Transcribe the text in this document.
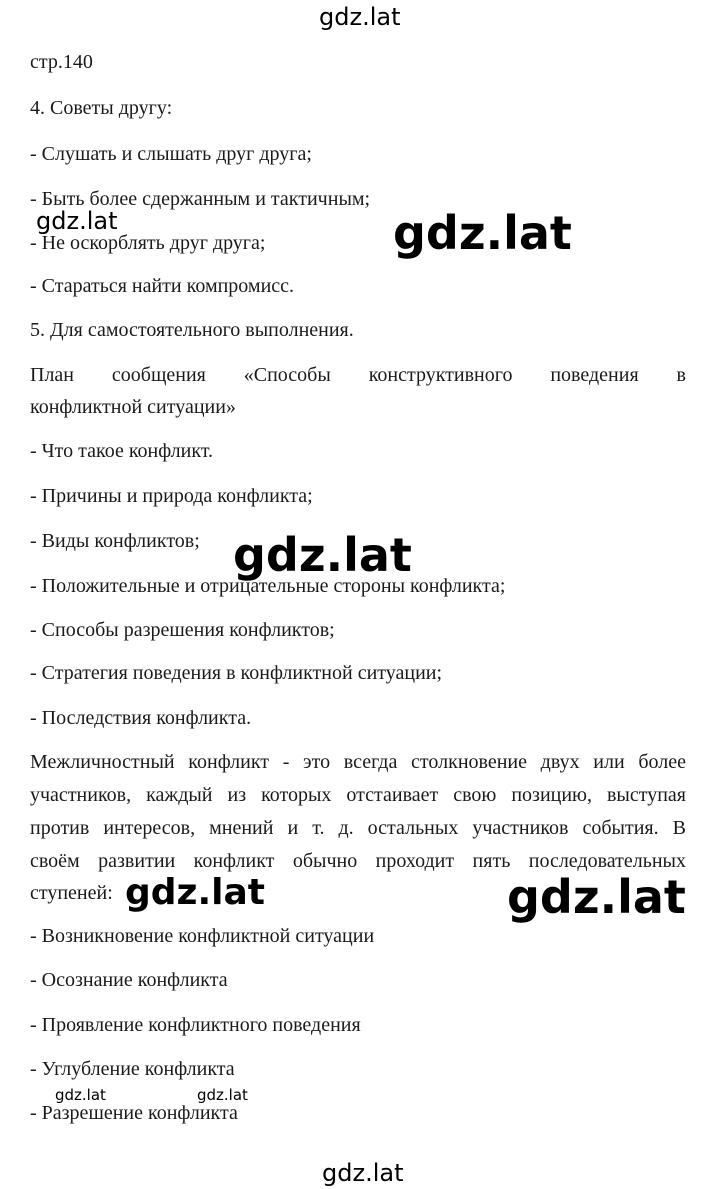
стр.140
4. Советы другу:
- Слушать и слышать друг друга;
- Быть более сдержанным и тактичным;
- Не оскорблять друг друга;
- Стараться найти компромисс.
5. Для самостоятельного выполнения.
План сообщения «Способы конструктивного поведения в
конфликтной ситуации»
- Что такое конфликт.
- Причины и природа конфликта;
- Виды конфликтов;
- Положительные и отрицательные стороны конфликта;
- Способы разрешения конфликтов;
- Стратегия поведения в конфликтной ситуации;
- Последствия конфликта.
Межличностный конфликт - это всегда столкновение двух или более
участников, каждый из которых отстаивает свою позицию, выступая
против интересов, мнений и т. д. остальных участников события. В
своём развитии конфликт обычно проходит пять последовательных
ступеней:
- Возникновение конфликтной ситуации
- Осознание конфликта
- Проявление конфликтного поведения
- Углубление конфликта
- Разрешение конфликта
gdz.lat
gdz.lat	gdz.lat
gdz.lat
gdz.lat	gdz.lat
gdz.lat	gdz.lat
gdz.lat
